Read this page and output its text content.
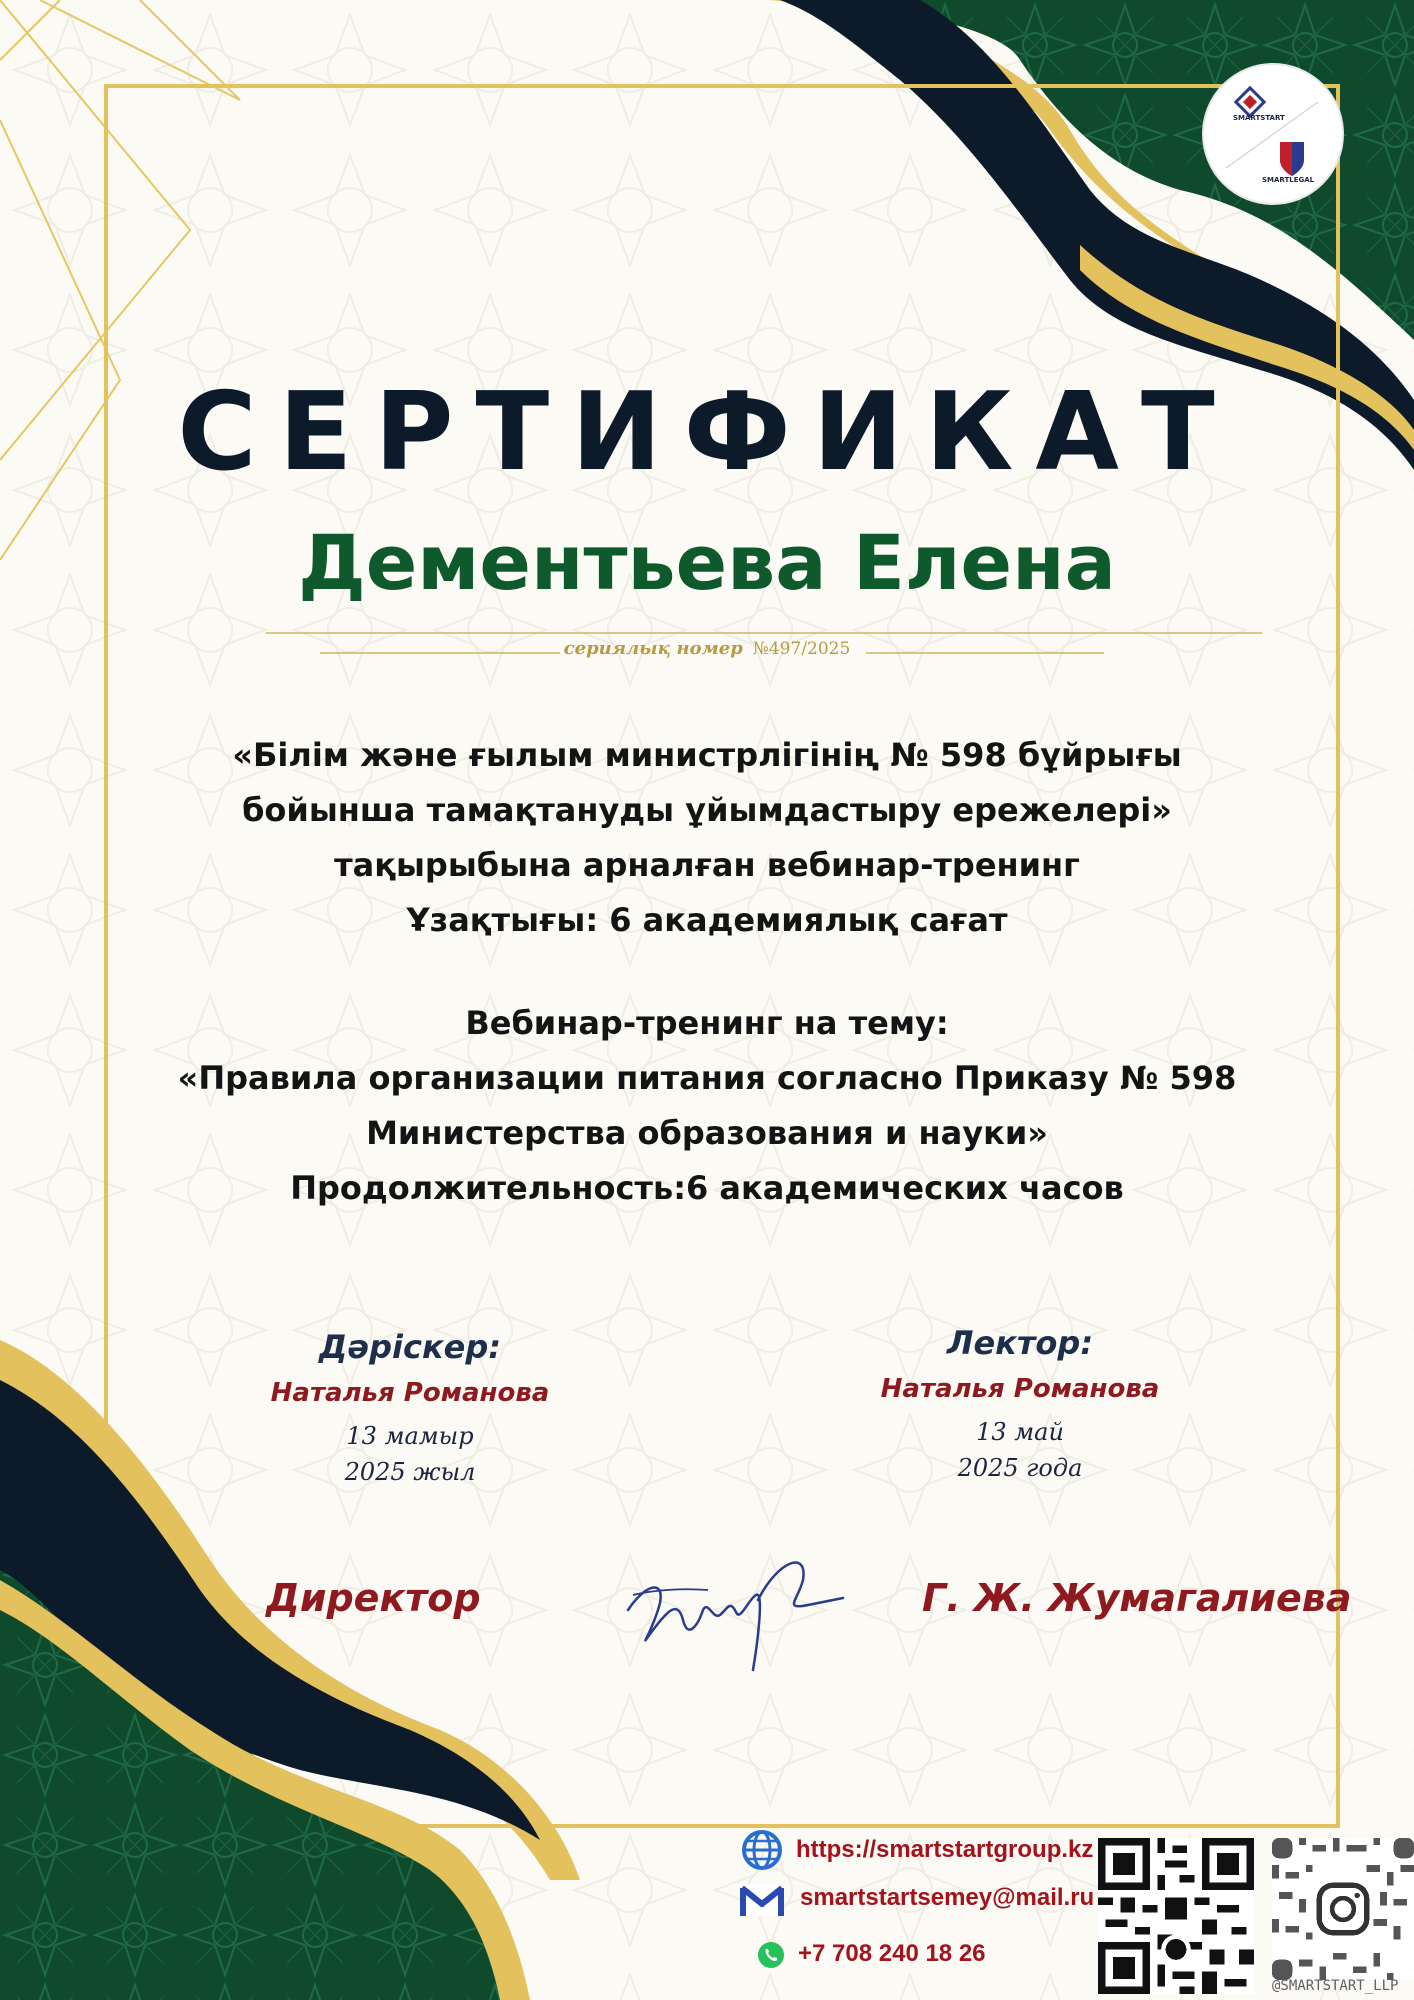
SMARTSTART
SMARTLEGAL
СЕРТИФИКАТ
Дементьева Елена
сериялық номер №497/2025
«Білім және ғылым министрлігінің № 598 бұйрығы
бойынша тамақтануды ұйымдастыру ережелері»
тақырыбына арналған вебинар-тренинг
Ұзақтығы: 6 академиялық сағат
Вебинар-тренинг на тему:
«Правила организации питания согласно Приказу № 598
Министерства образования и науки»
Продолжительность:6 академических часов
Дәріскер:
Наталья Романова
13 мамыр
2025 жыл
Лектор:
Наталья Романова
13 май
2025 года
Директор	Г. Ж. Жумагалиева
https://smartstartgroup.kz
smartstartsemey@mail.ru
+7 708 240 18 26
@SMARTSTART_LLP
